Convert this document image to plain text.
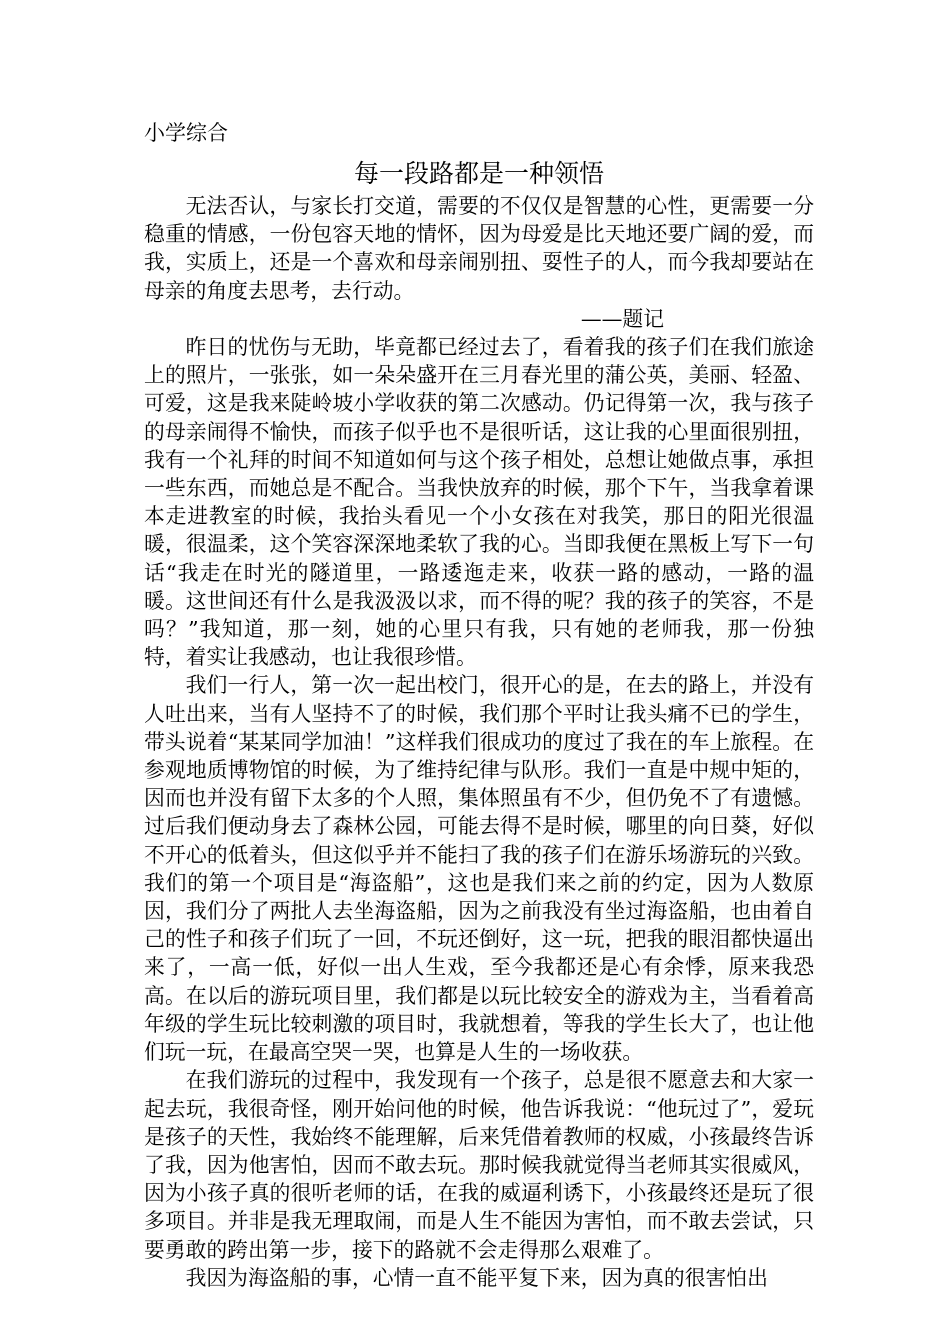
小学综合

每一段路都是一种领悟

无法否认，与家长打交道，需要的不仅仅是智慧的心性，更需要一分稳重的情感，一份包容天地的情怀，因为母爱是比天地还要广阔的爱，而我，实质上，还是一个喜欢和母亲闹别扭、耍性子的人，而今我却要站在母亲的角度去思考，去行动。

——题记

昨日的忧伤与无助，毕竟都已经过去了，看着我的孩子们在我们旅途上的照片，一张张，如一朵朵盛开在三月春光里的蒲公英，美丽、轻盈、可爱，这是我来陡岭坡小学收获的第二次感动。仍记得第一次，我与孩子的母亲闹得不愉快，而孩子似乎也不是很听话，这让我的心里面很别扭，我有一个礼拜的时间不知道如何与这个孩子相处，总想让她做点事，承担一些东西，而她总是不配合。当我快放弃的时候，那个下午，当我拿着课本走进教室的时候，我抬头看见一个小女孩在对我笑，那日的阳光很温暖，很温柔，这个笑容深深地柔软了我的心。当即我便在黑板上写下一句话“我走在时光的隧道里，一路逶迤走来，收获一路的感动，一路的温暖。这世间还有什么是我汲汲以求，而不得的呢？我的孩子的笑容，不是吗？”我知道，那一刻，她的心里只有我，只有她的老师我，那一份独特，着实让我感动，也让我很珍惜。

我们一行人，第一次一起出校门，很开心的是，在去的路上，并没有人吐出来，当有人坚持不了的时候，我们那个平时让我头痛不已的学生，带头说着“某某同学加油！”这样我们很成功的度过了我在的车上旅程。在参观地质博物馆的时候，为了维持纪律与队形。我们一直是中规中矩的，因而也并没有留下太多的个人照，集体照虽有不少，但仍免不了有遗憾。过后我们便动身去了森林公园，可能去得不是时候，哪里的向日葵，好似不开心的低着头，但这似乎并不能扫了我的孩子们在游乐场游玩的兴致。我们的第一个项目是“海盗船”，这也是我们来之前的约定，因为人数原因，我们分了两批人去坐海盗船，因为之前我没有坐过海盗船，也由着自己的性子和孩子们玩了一回，不玩还倒好，这一玩，把我的眼泪都快逼出来了，一高一低，好似一出人生戏，至今我都还是心有余悸，原来我恐高。在以后的游玩项目里，我们都是以玩比较安全的游戏为主，当看着高年级的学生玩比较刺激的项目时，我就想着，等我的学生长大了，也让他们玩一玩，在最高空哭一哭，也算是人生的一场收获。

在我们游玩的过程中，我发现有一个孩子，总是很不愿意去和大家一起去玩，我很奇怪，刚开始问他的时候，他告诉我说：“他玩过了”，爱玩是孩子的天性，我始终不能理解，后来凭借着教师的权威，小孩最终告诉了我，因为他害怕，因而不敢去玩。那时候我就觉得当老师其实很威风，因为小孩子真的很听老师的话，在我的威逼利诱下，小孩最终还是玩了很多项目。并非是我无理取闹，而是人生不能因为害怕，而不敢去尝试，只要勇敢的跨出第一步，接下的路就不会走得那么艰难了。

我因为海盗船的事，心情一直不能平复下来，因为真的很害怕出
